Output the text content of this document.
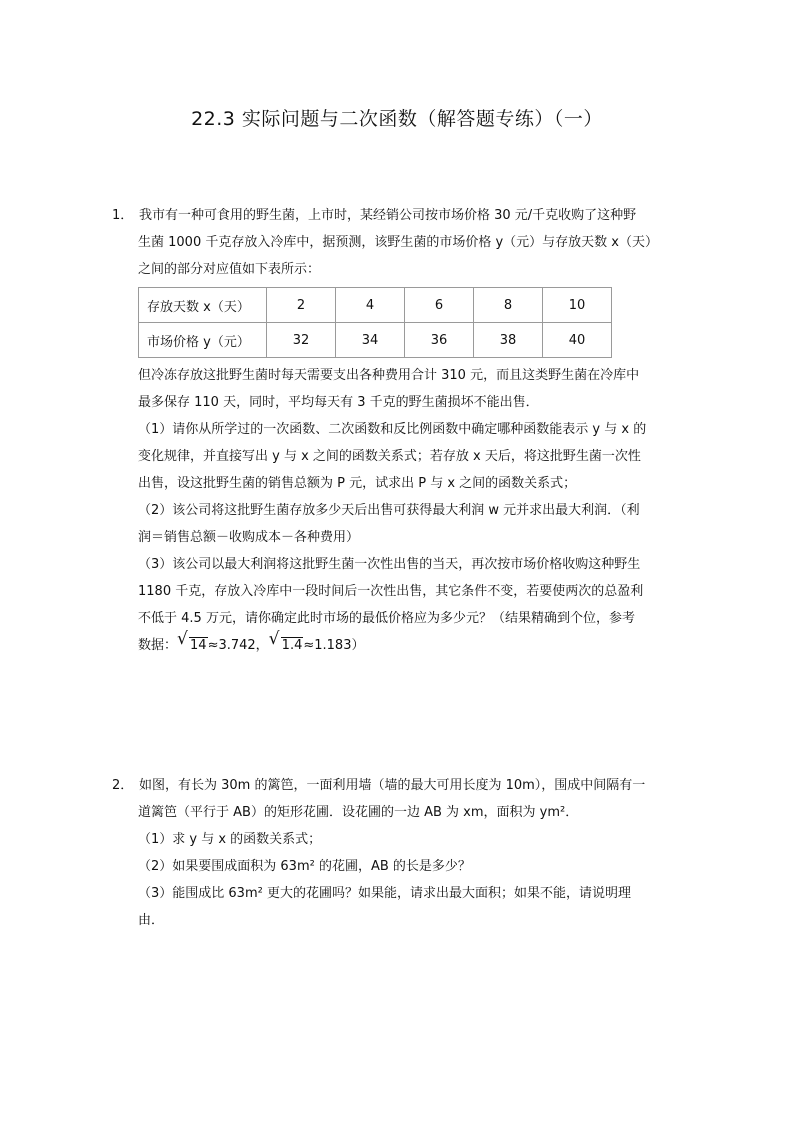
22.3 实际问题与二次函数（解答题专练）（一）
1． 我市有一种可食用的野生菌，上市时，某经销公司按市场价格 30 元/千克收购了这种野
生菌 1000 千克存放入冷库中，据预测，该野生菌的市场价格 y（元）与存放天数 x（天）
之间的部分对应值如下表所示：
存放天数 x（天）	2	4	6	8	10
市场价格 y（元）	32	34	36	38	40
但冷冻存放这批野生菌时每天需要支出各种费用合计 310 元，而且这类野生菌在冷库中
最多保存 110 天，同时，平均每天有 3 千克的野生菌损坏不能出售．
（1）请你从所学过的一次函数、二次函数和反比例函数中确定哪种函数能表示 y 与 x 的
变化规律，并直接写出 y 与 x 之间的函数关系式；若存放 x 天后，将这批野生菌一次性
出售，设这批野生菌的销售总额为 P 元，试求出 P 与 x 之间的函数关系式；
（2）该公司将这批野生菌存放多少天后出售可获得最大利润 w 元并求出最大利润．（利
润＝销售总额－收购成本－各种费用）
（3）该公司以最大利润将这批野生菌一次性出售的当天，再次按市场价格收购这种野生
1180 千克，存放入冷库中一段时间后一次性出售，其它条件不变，若要使两次的总盈利
不低于 4.5 万元，请你确定此时市场的最低价格应为多少元？（结果精确到个位，参考
数据： √ 14≈3.742， √ 1.4≈1.183）
2． 如图，有长为 30m 的篱笆，一面利用墙（墙的最大可用长度为 10m），围成中间隔有一
道篱笆（平行于 AB）的矩形花圃．设花圃的一边 AB 为 xm，面积为 ym²．
（1）求 y 与 x 的函数关系式；
（2）如果要围成面积为 63m² 的花圃，AB 的长是多少？
（3）能围成比 63m² 更大的花圃吗？如果能，请求出最大面积；如果不能，请说明理
由．
